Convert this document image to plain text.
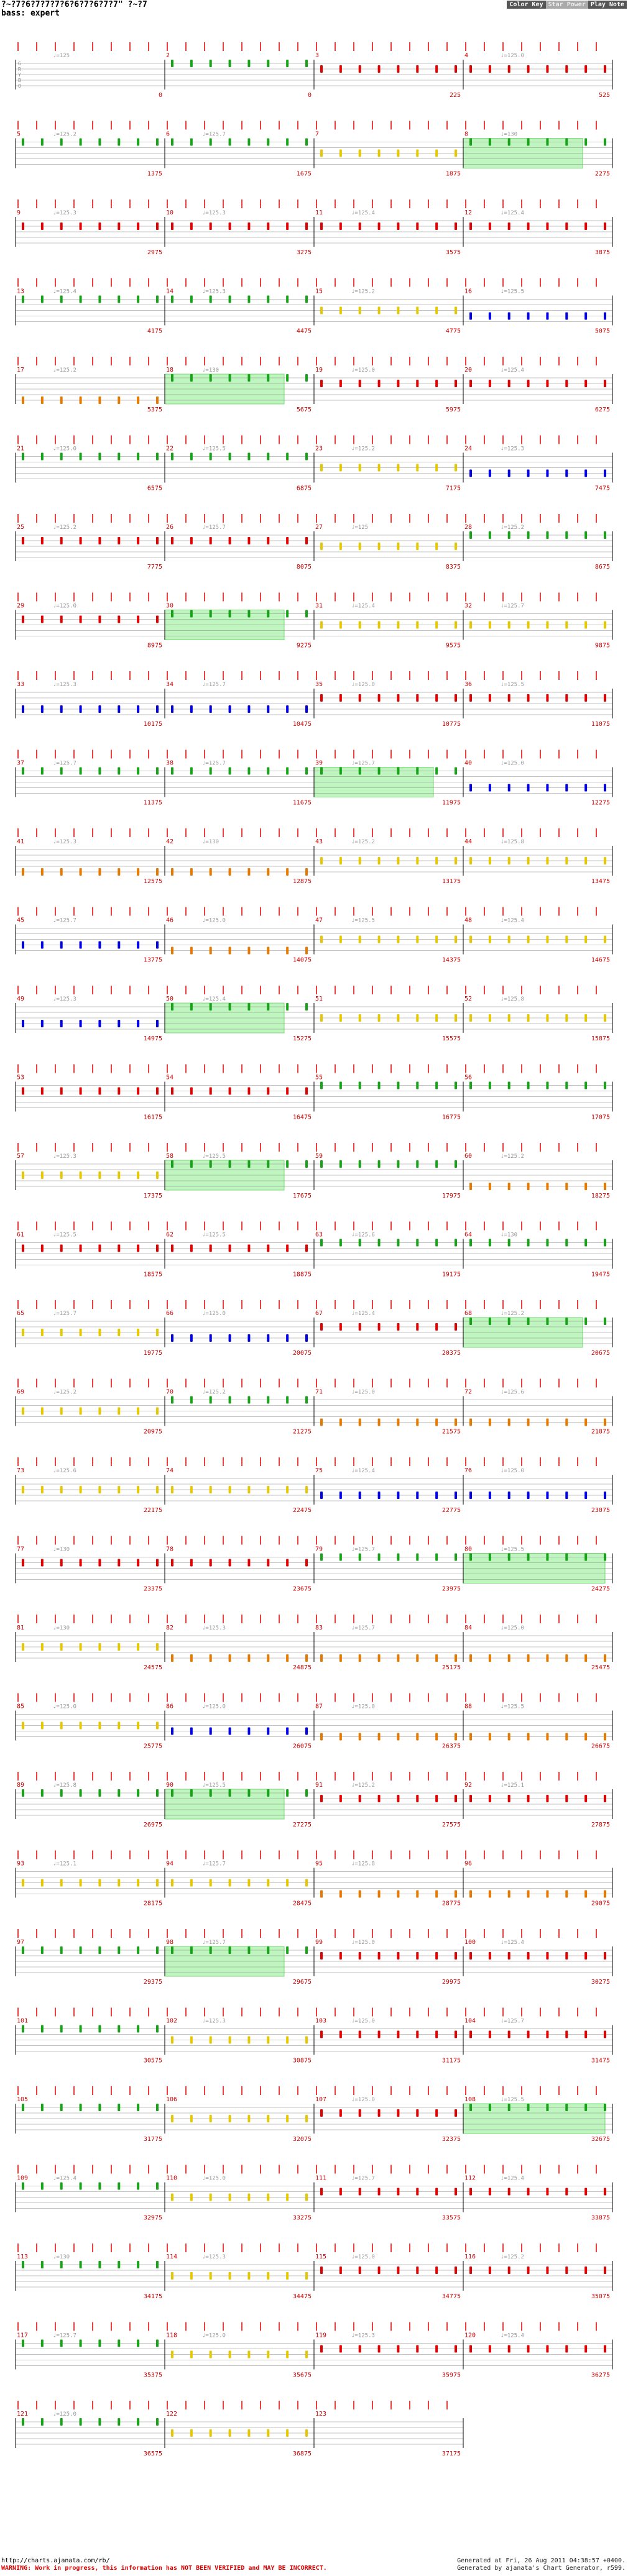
?~?7?6?7?7?7?6?6?7?6?7?7" ?~?7
bass: expert
Color Key Star Power Play Note
♩=125
0
G
R
Y
B
O
2
0
3
225
4	♩=125.0
525
5	♩=125.2
1375
6	♩=125.7
1675
7
1875
8	♩=130
2275
9	♩=125.3
2975
10	♩=125.3
3275
11	♩=125.4
3575
12	♩=125.4
3875
13	♩=125.4
4175
14	♩=125.3
4475
15	♩=125.2
4775
16	♩=125.5
5075
17	♩=125.2
5375
18	♩=130
5675
19	♩=125.0
5975
20	♩=125.4
6275
21	♩=125.0
6575
22	♩=125.5
6875
23	♩=125.2
7175
24	♩=125.3
7475
25	♩=125.2
7775
26	♩=125.7
8075
27	♩=125
8375
28	♩=125.2
8675
29	♩=125.0
8975
30
9275
31	♩=125.4
9575
32	♩=125.7
9875
33	♩=125.3
10175
34	♩=125.7
10475
35	♩=125.0
10775
36	♩=125.5
11075
37	♩=125.7
11375
38	♩=125.7
11675
39	♩=125.7
11975
40	♩=125.0
12275
41	♩=125.3
12575
42	♩=130
12875
43	♩=125.2
13175
44	♩=125.8
13475
45	♩=125.7
13775
46	♩=125.0
14075
47	♩=125.5
14375
48	♩=125.4
14675
49	♩=125.3
14975
50	♩=125.4
15275
51
15575
52	♩=125.8
15875
53
16175
54
16475
55
16775
56
17075
57	♩=125.3
17375
58	♩=125.5
17675
59
17975
60	♩=125.2
18275
61	♩=125.5
18575
62	♩=125.5
18875
63	♩=125.6
19175
64	♩=130
19475
65	♩=125.7
19775
66	♩=125.0
20075
67	♩=125.4
20375
68	♩=125.2
20675
69	♩=125.2
20975
70	♩=125.2
21275
71	♩=125.0
21575
72	♩=125.6
21875
73	♩=125.6
22175
74
22475
75	♩=125.4
22775
76	♩=125.0
23075
77	♩=130
23375
78
23675
79	♩=125.7
23975
80	♩=125.5
24275
81	♩=130
24575
82	♩=125.3
24875
83	♩=125.7
25175
84	♩=125.0
25475
85	♩=125.0
25775
86	♩=125.0
26075
87	♩=125.0
26375
88	♩=125.5
26675
89	♩=125.8
26975
90	♩=125.5
27275
91	♩=125.2
27575
92	♩=125.1
27875
93	♩=125.1
28175
94	♩=125.7
28475
95	♩=125.8
28775
96
29075
97
29375
98	♩=125.7
29675
99	♩=125.0
29975
100	♩=125.4
30275
101
30575
102	♩=125.3
30875
103	♩=125.0
31175
104	♩=125.7
31475
105
31775
106
32075
107	♩=125.0
32375
108	♩=125.5
32675
109	♩=125.4
32975
110	♩=125.0
33275
111	♩=125.7
33575
112	♩=125.4
33875
113	♩=130
34175
114	♩=125.3
34475
115	♩=125.0
34775
116	♩=125.2
35075
117	♩=125.7
35375
118	♩=125.0
35675
119	♩=125.3
35975
120	♩=125.4
36275
121	♩=125.0
36575
122
36875
123
37175
http://charts.ajanata.com/rb/
WARNING: Work in progress, this information has NOT BEEN VERIFIED and MAY BE INCORRECT.
Generated at Fri, 26 Aug 2011 04:38:57 +0400.
Generated by ajanata's Chart Generator, r599.
